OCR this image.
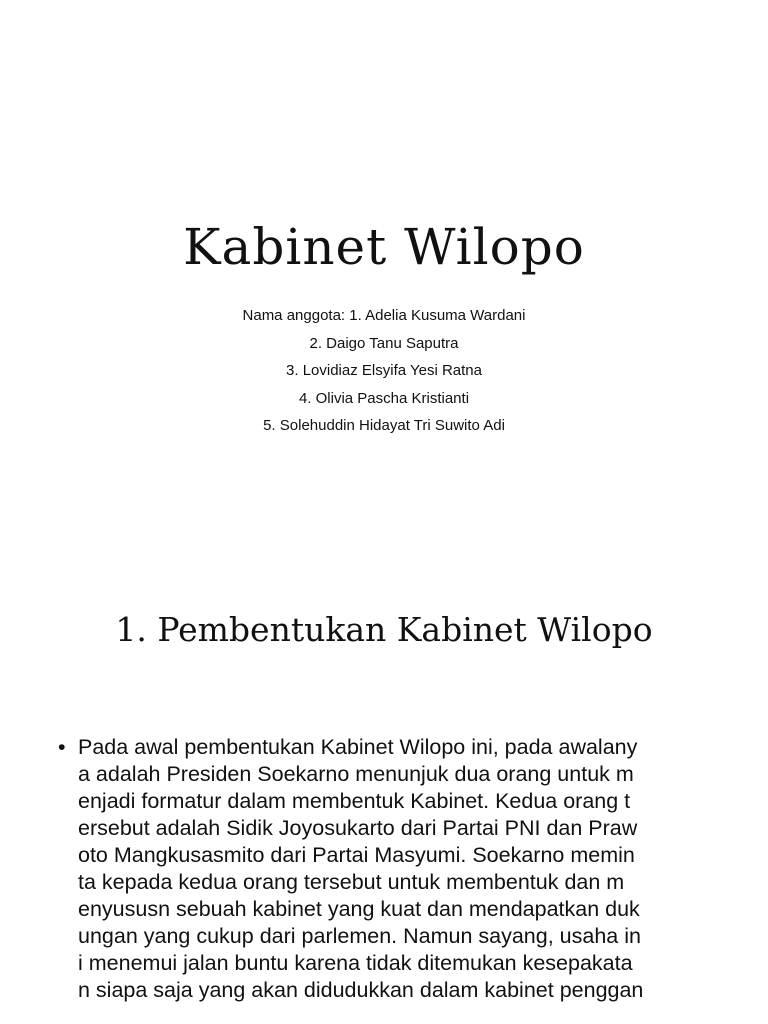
Kabinet Wilopo
Nama anggota: 1. Adelia Kusuma Wardani
2. Daigo Tanu Saputra
3. Lovidiaz Elsyifa Yesi Ratna
4. Olivia Pascha Kristianti
5. Solehuddin Hidayat Tri Suwito Adi
1. Pembentukan Kabinet Wilopo
• Pada awal pembentukan Kabinet Wilopo ini, pada awalany
a adalah Presiden Soekarno menunjuk dua orang untuk m
enjadi formatur dalam membentuk Kabinet. Kedua orang t
ersebut adalah Sidik Joyosukarto dari Partai PNI dan Praw
oto Mangkusasmito dari Partai Masyumi. Soekarno memin
ta kepada kedua orang tersebut untuk membentuk dan m
enyususn sebuah kabinet yang kuat dan mendapatkan duk
ungan yang cukup dari parlemen. Namun sayang, usaha in
i menemui jalan buntu karena tidak ditemukan kesepakata
n siapa saja yang akan didudukkan dalam kabinet penggan
